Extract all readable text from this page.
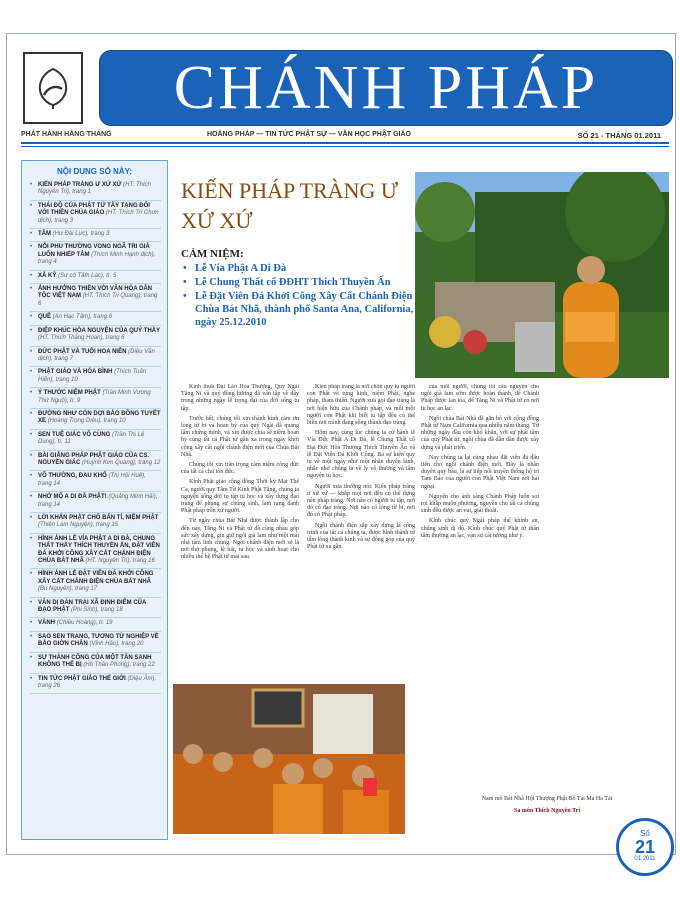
CHÁNH PHÁP
PHÁT HÀNH HÀNG THÁNG	HOẰNG PHÁP — TIN TỨC PHẬT SỰ — VĂN HỌC PHẬT GIÁO	SỐ 21 - THÁNG 01.2011
NỘI DUNG SỐ NÀY:
• KIẾN PHÁP TRÀNG Ư XỨ XỨ (HT. Thích Nguyên Tri), trang 1
• THÁI ĐỘ CỦA PHẬT TỬ TÂY TẠNG ĐỐI VỚI THIÊN CHÚA GIÁO (HT. Thích Trí Chơn dịch), trang 3
• TÂM (Hư Đại Lực), trang 3
• NỖI PHU THƯỜNG VONG NGÃ TRI GIẢ LUÔN NHIẾP TÂM (Thích Minh Hạnh dịch), trang 4
• XẢ KỶ (Sư cô Tâm Lạc), tr. 5
• ẢNH HƯỞNG THIỀN VỚI VĂN HÓA DÂN TỘC VIỆT NAM (HT. Thích Tri Quang), trang 6
• QUÊ (An Hạc Tâm), trang 6
• ĐIỆP KHÚC HÒA NGUYỆN CỦA QUÝ THẦY (HT. Thích Thắng Hoan), trang 6
• ĐỨC PHẬT VÀ TUỔI HOA NIÊN (Diệu Văn dịch), trang 7
• PHẬT GIÁO VÀ HÒA BÌNH (Thích Tuấn Hiển), trang 10
• Ý THƯỚC NIỆM PHẬT (Trần Minh Vương Thứ Nguộ), tr. 9
• ĐƯỜNG NHƯ CÓN DỢI BẢO ĐỒNG TUYẾT XE (Hoàng Trọng Diệu), trang 10
• SEN TUỆ GIÁC VÔ CÙNG (Trần Thị Lệ Dung), tr. 11
• BÀI GIẢNG PHÁP PHẬT GIÁO CỦA CS. NGUYỄN GIÁC (Huỳnh Kim Quang), trang 12
• VÔ THƯỜNG, ĐAU KHỔ (Thị Hội Huệ), trang 14
• NHỚ MỘ A DI ĐÀ PHẬT! (Quảng Minh Hải), trang 14
• LỜI KHẨN PHẬT CHỐ BẢN TÍ, NIỆM PHẬT (Thiện Lam Nguyện), trang 15
• HÌNH ẢNH LỄ VÍA PHẬT A DI ĐÀ, CHUNG THẤT THẦY THÍCH THUYỀN ẤN, ĐẶT VIÊN ĐÁ KHỞI CÔNG XÂY CẤT CHÁNH ĐIỆN CHÙA BÁT NHÃ (HT. Nguyên Trí), trang 16
• HÌNH ẢNH LỄ ĐẶT VIÊN ĐÁ KHỞI CÔNG XÂY CẤT CHÁNH ĐIỆN CHÙA BÁT NHÃ (Bu Nguyên), trang 17
• VĂN DỊ ĐÀN TRẠI XÃ ĐỊNH ĐIỂM CỦA ĐẠO PHẬT (Phi Sinh), trang 18
• VÀNH (Chiêu Hoàng), tr. 19
• SAO SEN TRANG, TƯƠNG TỪ NGHIỆP VỀ BẢO GIỜN CHÂN (Vĩnh Hảo), trang 20
• SỰ THÀNH CÔNG CỦA MỘT TÂN SANH KHÔNG THỂ BỊ (Hồ Thân Phong), trang 22
• TIN TỨC PHẬT GIÁO THẾ GIỚI (Diệu Âm), trang 26
KIẾN PHÁP TRÀNG Ư XỨ XỨ
CẢM NIỆM:
• Lễ Vía Phật A Di Đà
• Lễ Chung Thất cố ĐĐHT Thích Thuyền Ấn
• Lễ Đặt Viên Đá Khởi Công Xây Cất Chánh Điện Chùa Bát Nhã, thành phố Santa Ana, California, ngày 25.12.2010

Kính thưa Đại Lão Hòa Thượng, Quý Ngài Tăng Ni và quý đồng hương đã vân tập về đây trong những ngày lễ trọng đại của đời sống tu tập.

Trước hết, chúng tôi xin thành kính cảm ơn lòng từ bi và hoan hỷ của quý Ngài đã quang lâm chứng minh, và xin được chia sẻ niềm hoan hỷ cùng tất cả Phật tử gần xa trong ngày khởi công xây cất ngôi chánh điện mới của Chùa Bát Nhã.

Chúng tôi xin trân trọng cảm niệm công đức của tất cả chư tôn đức.

Kính Phật giáo cộng đồng Thời kỳ Mạt Thế Ca, người quy Tâm Từ Kính Phật Tăng, chúng ta nguyện sống đời tu tập tu học và xây dựng đạo tràng để phụng sự chúng sinh, làm rạng danh Phật pháp trên xứ người.

Từ ngày chùa Bát Nhã được thành lập cho đến nay, Tăng Ni và Phật tử đã cùng nhau góp sức xây dựng, gìn giữ ngôi già lam như một mái nhà tâm linh chung. Ngôi chánh điện mới sẽ là nơi thờ phụng, lễ bái, tu học và sinh hoạt cho nhiều thế hệ Phật tử mai sau.

Kiến pháp trang là nơi chốn quy tụ người con Phật về tụng kinh, niệm Phật, nghe pháp, tham thiền. Người xưa gọi đạo tràng là nơi hiện hữu của Chánh pháp, và mỗi một người con Phật khi biết tu tập đều có thể biến nơi mình đang sống thành đạo tràng.

Hôm nay, cùng lúc chúng ta cử hành lễ Vía Đức Phật A Di Đà, lễ Chung Thất cố Đại Đức Hòa Thượng Thích Thuyền Ấn và lễ Đặt Viên Đá Khởi Công. Ba sự kiện quy tụ về một ngày như một nhân duyên lành, nhắc nhở chúng ta về lý vô thường và tâm nguyện tu học.

Người xưa thường nói: Kiến pháp tràng ư xứ xứ — khắp mọi nơi đều có thể dựng nên pháp tràng. Nơi nào có người tu tập, nơi đó có đạo tràng. Nơi nào có lòng từ bi, nơi đó có Phật pháp.

Ngôi chánh điện sắp xây dựng là công trình của tất cả chúng ta, được hình thành từ tấm lòng thành kính và sự đóng góp của quý Phật tử xa gần.

của mỗi người, chúng tôi cầu nguyện cho ngôi già lam sớm được hoàn thành, để Chánh Pháp được lan tỏa, để Tăng Ni và Phật tử có nơi tu học an lạc.

Ngôi chùa Bát Nhã đã gắn bó với cộng đồng Phật tử Nam California qua nhiều năm tháng. Từ những ngày đầu còn khó khăn, với sự phát tâm của quý Phật tử, ngôi chùa đã dần dần được xây dựng và phát triển.

Nay chúng ta lại cùng nhau đặt viên đá đầu tiên cho ngôi chánh điện mới. Đây là nhân duyên quý báu, là sự tiếp nối truyền thống hộ trì Tam Bảo của người con Phật Việt Nam nơi hải ngoại.

Nguyện cho ánh sáng Chánh Pháp luôn soi rọi khắp muôn phương, nguyện cho tất cả chúng sinh đều được an vui, giải thoát.

Kính chúc quý Ngài pháp thể khinh an, chúng sinh dị độ. Kính chúc quý Phật tử thân tâm thường an lạc, vạn sự cát tường như ý.

Nam mô Bát Nhã Hội Thượng Phật Bồ Tát Ma Ha Tát
Sa môn Thích Nguyên Trí
Số
21
01.2011
